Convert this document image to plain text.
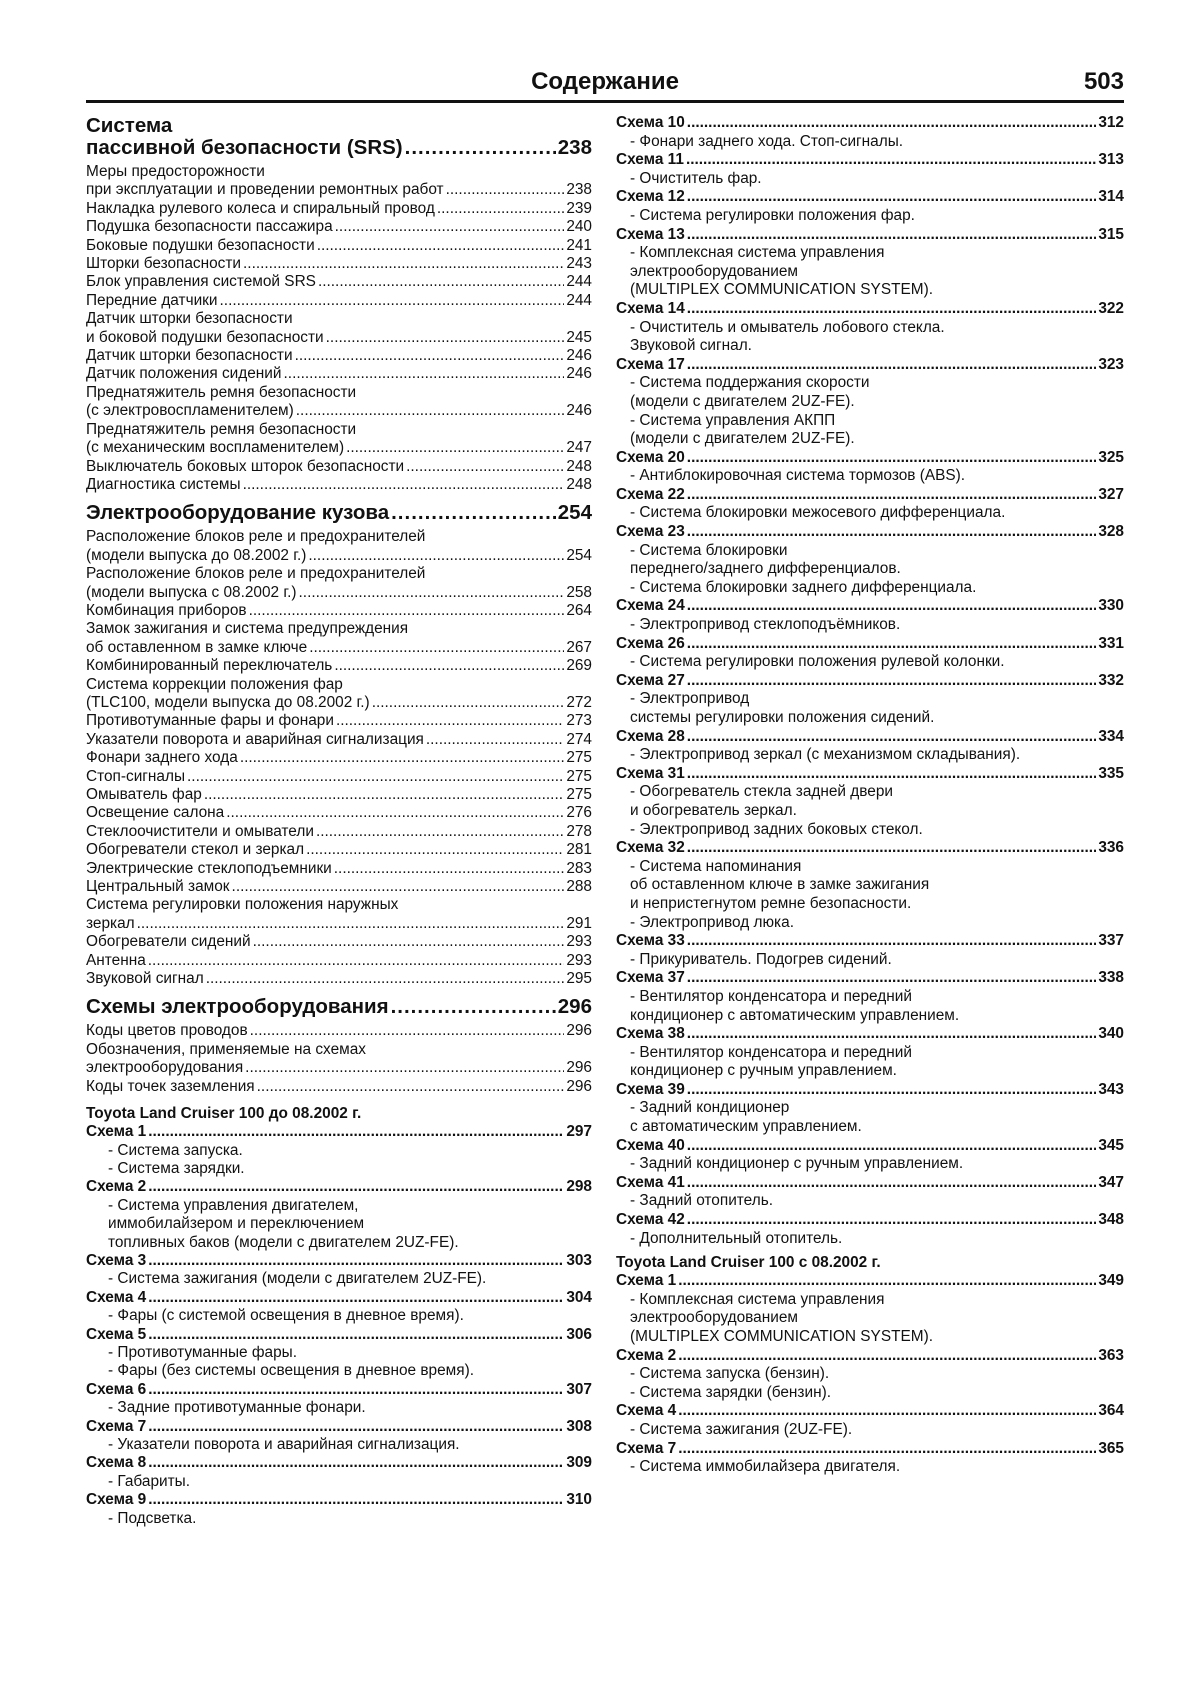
Содержание	503
Система
пассивной безопасности (SRS) .....	238
Меры предосторожности
при эксплуатации и проведении ремонтных работ .....	238
Накладка рулевого колеса и спиральный провод .....	239
Подушка безопасности пассажира .....	240
Боковые подушки безопасности .....	241
Шторки безопасности .....	243
Блок управления системой SRS .....	244
Передние датчики .....	244
Датчик шторки безопасности
и боковой подушки безопасности .....	245
Датчик шторки безопасности .....	246
Датчик положения сидений .....	246
Преднатяжитель ремня безопасности
(с электровоспламенителем) .....	246
Преднатяжитель ремня безопасности
(с механическим воспламенителем) .....	247
Выключатель боковых шторок безопасности .....	248
Диагностика системы .....	248
Электрооборудование кузова .....	254
Расположение блоков реле и предохранителей
(модели выпуска до 08.2002 г.) .....	254
Расположение блоков реле и предохранителей
(модели выпуска с 08.2002 г.) .....	258
Комбинация приборов .....	264
Замок зажигания и система предупреждения
об оставленном в замке ключе .....	267
Комбинированный переключатель .....	269
Система коррекции положения фар
(TLC100, модели выпуска до 08.2002 г.) .....	272
Противотуманные фары и фонари .....	273
Указатели поворота и аварийная сигнализация .....	274
Фонари заднего хода .....	275
Стоп-сигналы .....	275
Омыватель фар .....	275
Освещение салона .....	276
Стеклоочистители и омыватели .....	278
Обогреватели стекол и зеркал .....	281
Электрические стеклоподъемники .....	283
Центральный замок .....	288
Система регулировки положения наружных
зеркал .....	291
Обогреватели сидений .....	293
Антенна .....	293
Звуковой сигнал .....	295
Схемы электрооборудования .....	296
Коды цветов проводов .....	296
Обозначения, применяемые на схемах
электрооборудования .....	296
Коды точек заземления .....	296
Toyota Land Cruiser 100 до 08.2002 г.
Схема 1 .....	297
- Система запуска.
- Система зарядки.
Схема 2 .....	298
- Система управления двигателем,
иммобилайзером и переключением
топливных баков (модели с двигателем 2UZ-FE).
Схема 3 .....	303
- Система зажигания (модели с двигателем 2UZ-FE).
Схема 4 .....	304
- Фары (с системой освещения в дневное время).
Схема 5 .....	306
- Противотуманные фары.
- Фары (без системы освещения в дневное время).
Схема 6 .....	307
- Задние противотуманные фонари.
Схема 7 .....	308
- Указатели поворота и аварийная сигнализация.
Схема 8 .....	309
- Габариты.
Схема 9 .....	310
- Подсветка.
Схема 10 .....	312
- Фонари заднего хода. Стоп-сигналы.
Схема 11 .....	313
- Очиститель фар.
Схема 12 .....	314
- Система регулировки положения фар.
Схема 13 .....	315
- Комплексная система управления
электрооборудованием
(MULTIPLEX COMMUNICATION SYSTEM).
Схема 14 .....	322
- Очиститель и омыватель лобового стекла.
Звуковой сигнал.
Схема 17 .....	323
- Система поддержания скорости
(модели с двигателем 2UZ-FE).
- Система управления АКПП
(модели с двигателем 2UZ-FE).
Схема 20 .....	325
- Антиблокировочная система тормозов (ABS).
Схема 22 .....	327
- Система блокировки межосевого дифференциала.
Схема 23 .....	328
- Система блокировки
переднего/заднего дифференциалов.
- Система блокировки заднего дифференциала.
Схема 24 .....	330
- Электропривод стеклоподъёмников.
Схема 26 .....	331
- Система регулировки положения рулевой колонки.
Схема 27 .....	332
- Электропривод
системы регулировки положения сидений.
Схема 28 .....	334
- Электропривод зеркал (с механизмом складывания).
Схема 31 .....	335
- Обогреватель стекла задней двери
и обогреватель зеркал.
- Электропривод задних боковых стекол.
Схема 32 .....	336
- Система напоминания
об оставленном ключе в замке зажигания
и непристегнутом ремне безопасности.
- Электропривод люка.
Схема 33 .....	337
- Прикуриватель. Подогрев сидений.
Схема 37 .....	338
- Вентилятор конденсатора и передний
кондиционер с автоматическим управлением.
Схема 38 .....	340
- Вентилятор конденсатора и передний
кондиционер с ручным управлением.
Схема 39 .....	343
- Задний кондиционер
с автоматическим управлением.
Схема 40 .....	345
- Задний кондиционер с ручным управлением.
Схема 41 .....	347
- Задний отопитель.
Схема 42 .....	348
- Дополнительный отопитель.
Toyota Land Cruiser 100 с 08.2002 г.
Схема 1 .....	349
- Комплексная система управления
электрооборудованием
(MULTIPLEX COMMUNICATION SYSTEM).
Схема 2 .....	363
- Система запуска (бензин).
- Система зарядки (бензин).
Схема 4 .....	364
- Система зажигания (2UZ-FE).
Схема 7 .....	365
- Система иммобилайзера двигателя.
